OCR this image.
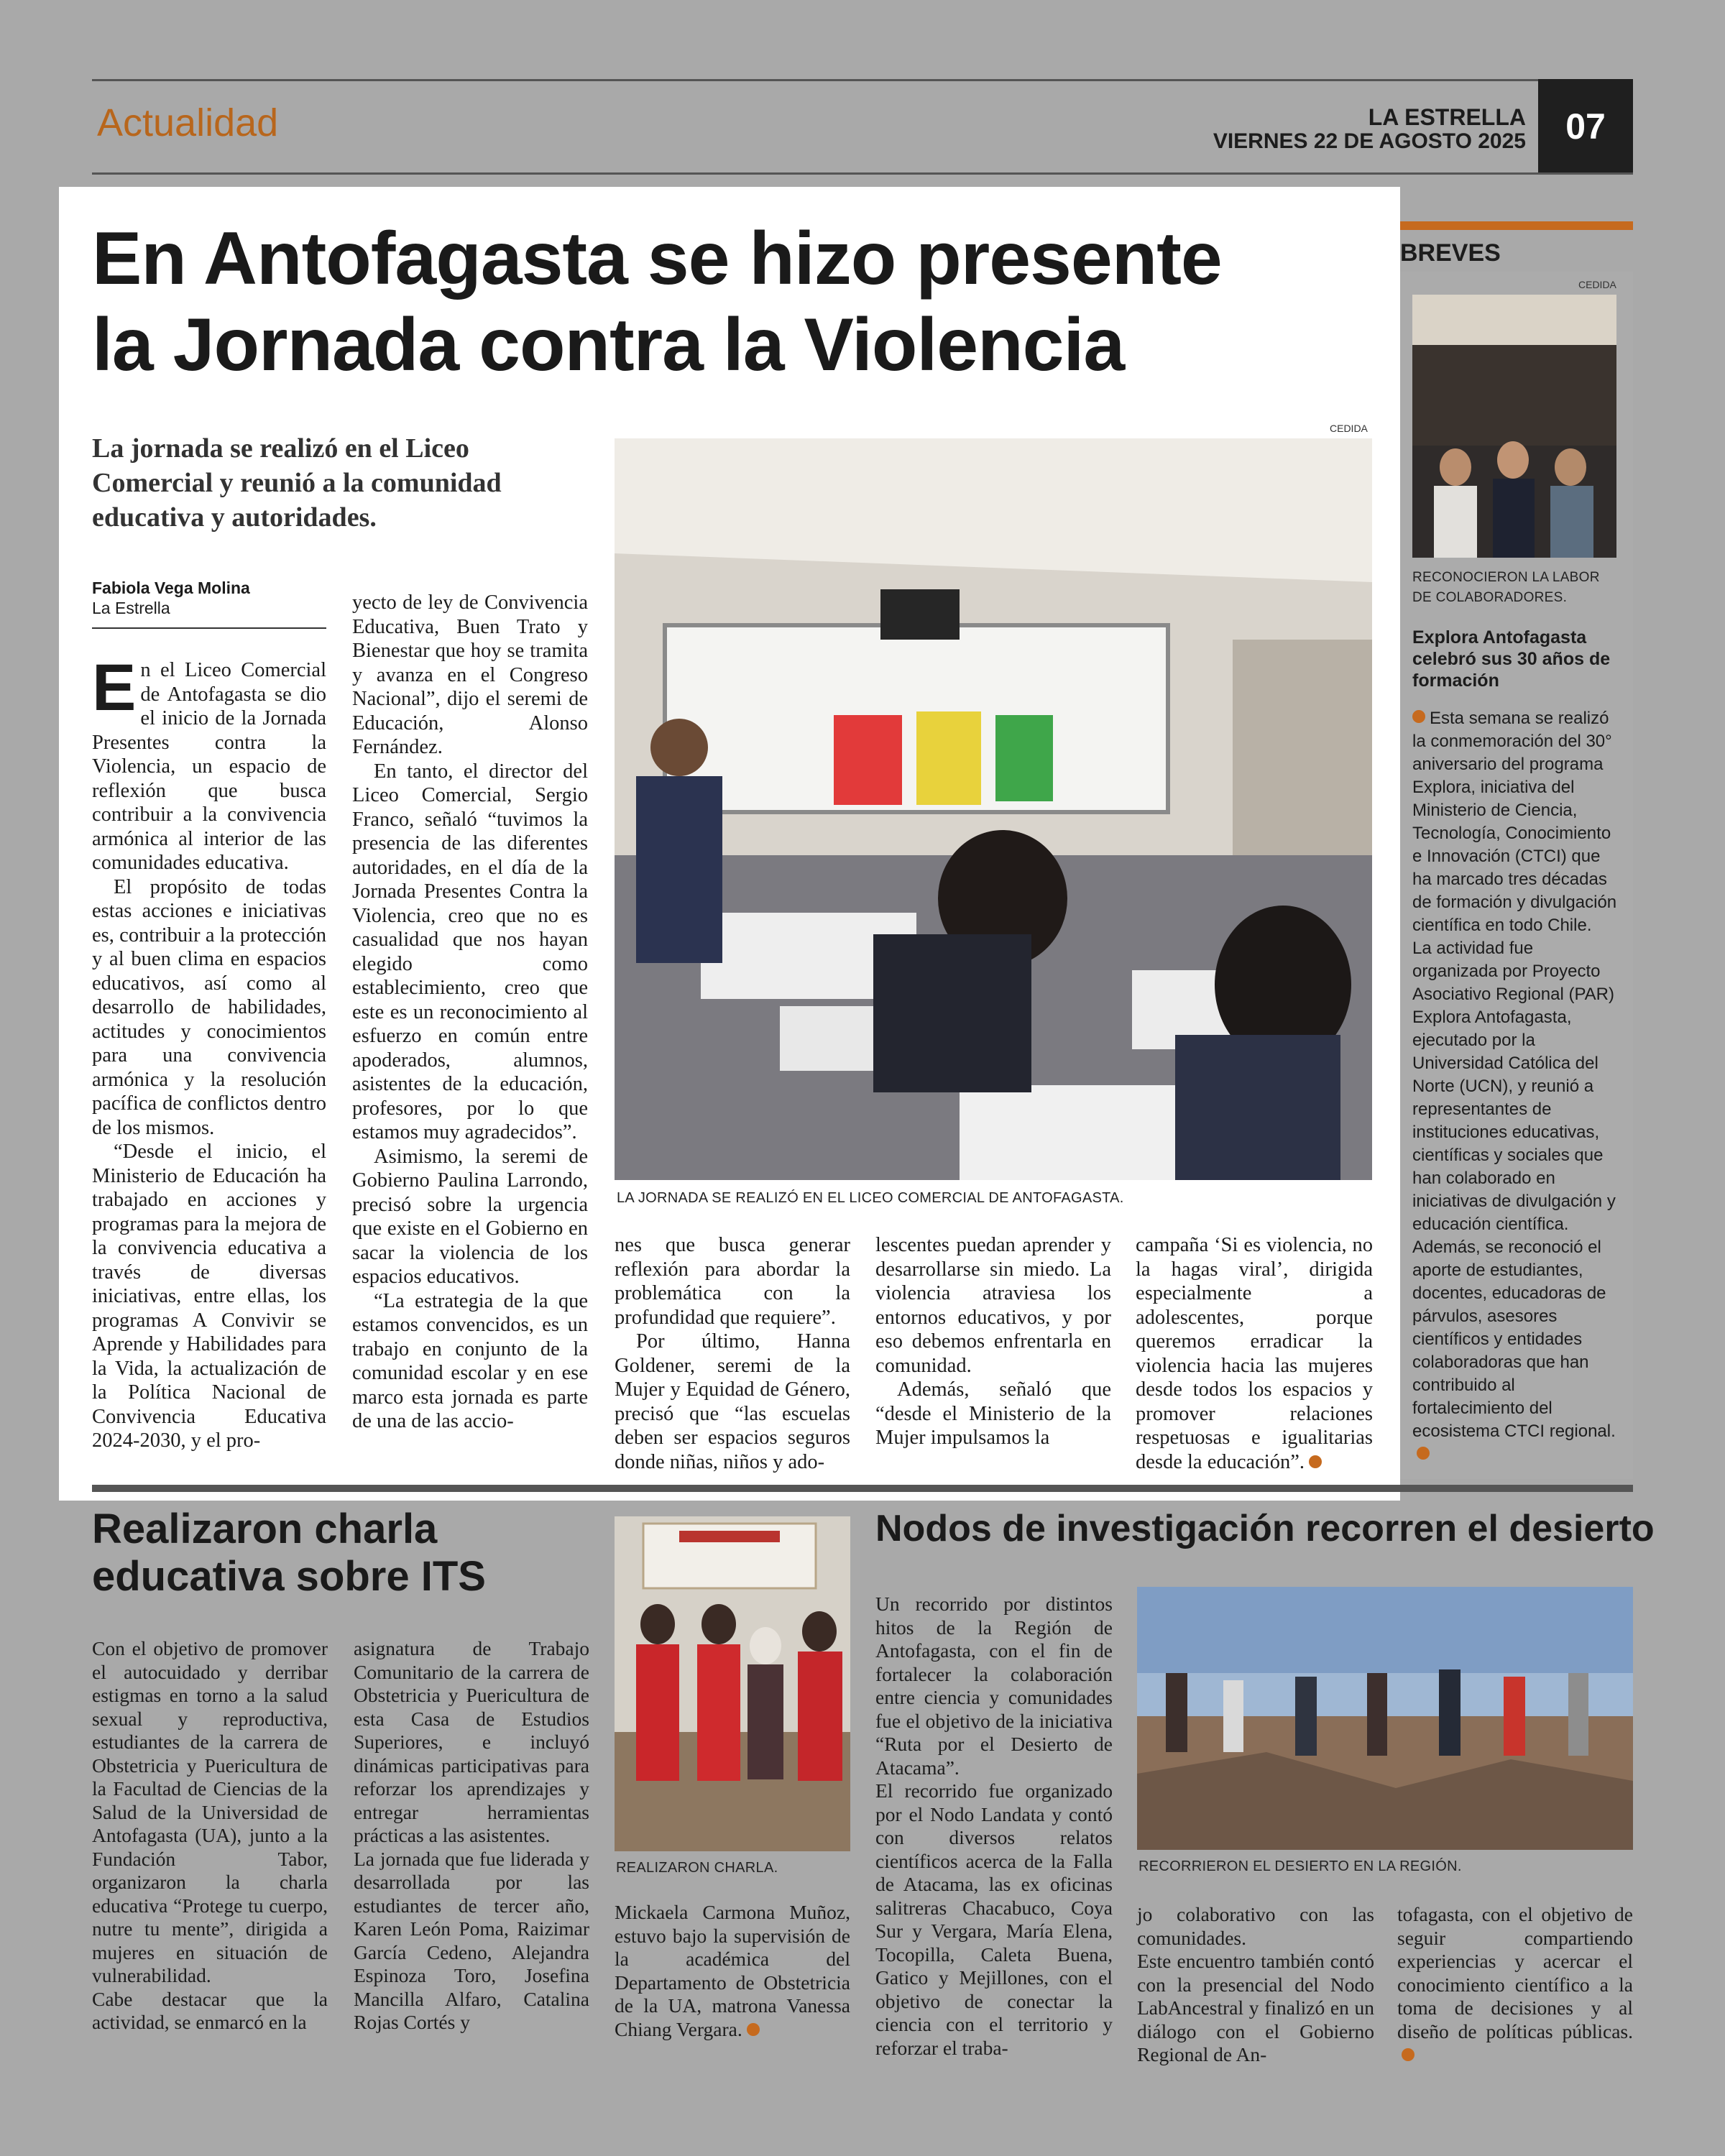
Actualidad	LA ESTRELLA
VIERNES 22 DE AGOSTO 2025	07
En Antofagasta se hizo presente
la Jornada contra la Violencia
La jornada se realizó en el Liceo Comercial y reunió a la comunidad educativa y autoridades.
Fabiola Vega Molina
La Estrella
CEDIDA
LA JORNADA SE REALIZÓ EN EL LICEO COMERCIAL DE ANTOFAGASTA.

En el Liceo Comercial de Antofagasta se dio el inicio de la Jornada Presentes contra la Violencia, un espacio de reflexión que busca contribuir a la convivencia armónica al interior de las comunidades educativa.

El propósito de todas estas acciones e iniciativas es, contribuir a la protección y al buen clima en espacios educativos, así como al desarrollo de habilidades, actitudes y conocimientos para una convivencia armónica y la resolución pacífica de conflictos dentro de los mismos.

“Desde el inicio, el Ministerio de Educación ha trabajado en acciones y programas para la mejora de la convivencia educativa a través de diversas iniciativas, entre ellas, los programas A Convivir se Aprende y Habilidades para la Vida, la actualización de la Política Nacional de Convivencia Educativa 2024-2030, y el pro-

yecto de ley de Convivencia Educativa, Buen Trato y Bienestar que hoy se tramita y avanza en el Congreso Nacional”, dijo el seremi de Educación, Alonso Fernández.

En tanto, el director del Liceo Comercial, Sergio Franco, señaló “tuvimos la presencia de las diferentes autoridades, en el día de la Jornada Presentes Contra la Violencia, creo que no es casualidad que nos hayan elegido como establecimiento, creo que este es un reconocimiento al esfuerzo en común entre apoderados, alumnos, asistentes de la educación, profesores, por lo que estamos muy agradecidos”.

Asimismo, la seremi de Gobierno Paulina Larrondo, precisó sobre la urgencia que existe en el Gobierno en sacar la violencia de los espacios educativos.

“La estrategia de la que estamos convencidos, es un trabajo en conjunto de la comunidad escolar y en ese marco esta jornada es parte de una de las accio-

nes que busca generar reflexión para abordar la problemática con la profundidad que requiere”.

Por último, Hanna Goldener, seremi de la Mujer y Equidad de Género, precisó que “las escuelas deben ser espacios seguros donde niñas, niños y ado-

lescentes puedan aprender y desarrollarse sin miedo. La violencia atraviesa los entornos educativos, y por eso debemos enfrentarla en comunidad.

Además, señaló que “desde el Ministerio de la Mujer impulsamos la

campaña ‘Si es violencia, no la hagas viral’, dirigida especialmente a adolescentes, porque queremos erradicar la violencia hacia las mujeres desde todos los espacios y promover relaciones respetuosas e igualitarias desde la educación”.

BREVES
CEDIDA
RECONOCIERON LA LABOR DE COLABORADORES.
Explora Antofagasta celebró sus 30 años de formación
Esta semana se realizó la conmemoración del 30° aniversario del programa Explora, iniciativa del Ministerio de Ciencia, Tecnología, Conocimiento e Innovación (CTCI) que ha marcado tres décadas de formación y divulgación científica en todo Chile.
La actividad fue organizada por Proyecto Asociativo Regional (PAR) Explora Antofagasta, ejecutado por la Universidad Católica del Norte (UCN), y reunió a representantes de instituciones educativas, científicas y sociales que han colaborado en iniciativas de divulgación y educación científica. Además, se reconoció el aporte de estudiantes, docentes, educadoras de párvulos, asesores científicos y entidades colaboradoras que han contribuido al fortalecimiento del ecosistema CTCI regional.
Realizaron charla
educativa sobre ITS

Con el objetivo de promover el autocuidado y derribar estigmas en torno a la salud sexual y reproductiva, estudiantes de la carrera de Obstetricia y Puericultura de la Facultad de Ciencias de la Salud de la Universidad de Antofagasta (UA), junto a la Fundación Tabor, organizaron la charla educativa “Protege tu cuerpo, nutre tu mente”, dirigida a mujeres en situación de vulnerabilidad.

Cabe destacar que la actividad, se enmarcó en la

asignatura de Trabajo Comunitario de la carrera de Obstetricia y Puericultura de esta Casa de Estudios Superiores, e incluyó dinámicas participativas para reforzar los aprendizajes y entregar herramientas prácticas a las asistentes.

La jornada que fue liderada y desarrollada por las estudiantes de tercer año, Karen León Poma, Raizimar García Cedeno, Alejandra Espinoza Toro, Josefina Mancilla Alfaro, Catalina Rojas Cortés y

REALIZARON CHARLA.

Mickaela Carmona Muñoz, estuvo bajo la supervisión de la académica del Departamento de Obstetricia de la UA, matrona Vanessa Chiang Vergara.

Nodos de investigación recorren el desierto

Un recorrido por distintos hitos de la Región de Antofagasta, con el fin de fortalecer la colaboración entre ciencia y comunidades fue el objetivo de la iniciativa “Ruta por el Desierto de Atacama”.

El recorrido fue organizado por el Nodo Landata y contó con diversos relatos científicos acerca de la Falla de Atacama, las ex oficinas salitreras Chacabuco, Coya Sur y Vergara, María Elena, Tocopilla, Caleta Buena, Gatico y Mejillones, con el objetivo de conectar la ciencia con el territorio y reforzar el traba-

RECORRIERON EL DESIERTO EN LA REGIÓN.

jo colaborativo con las comunidades.

Este encuentro también contó con la presencial del Nodo LabAncestral y finalizó en un diálogo con el Gobierno Regional de An-

tofagasta, con el objetivo de seguir compartiendo experiencias y acercar el conocimiento científico a la toma de decisiones y al diseño de políticas públicas.
